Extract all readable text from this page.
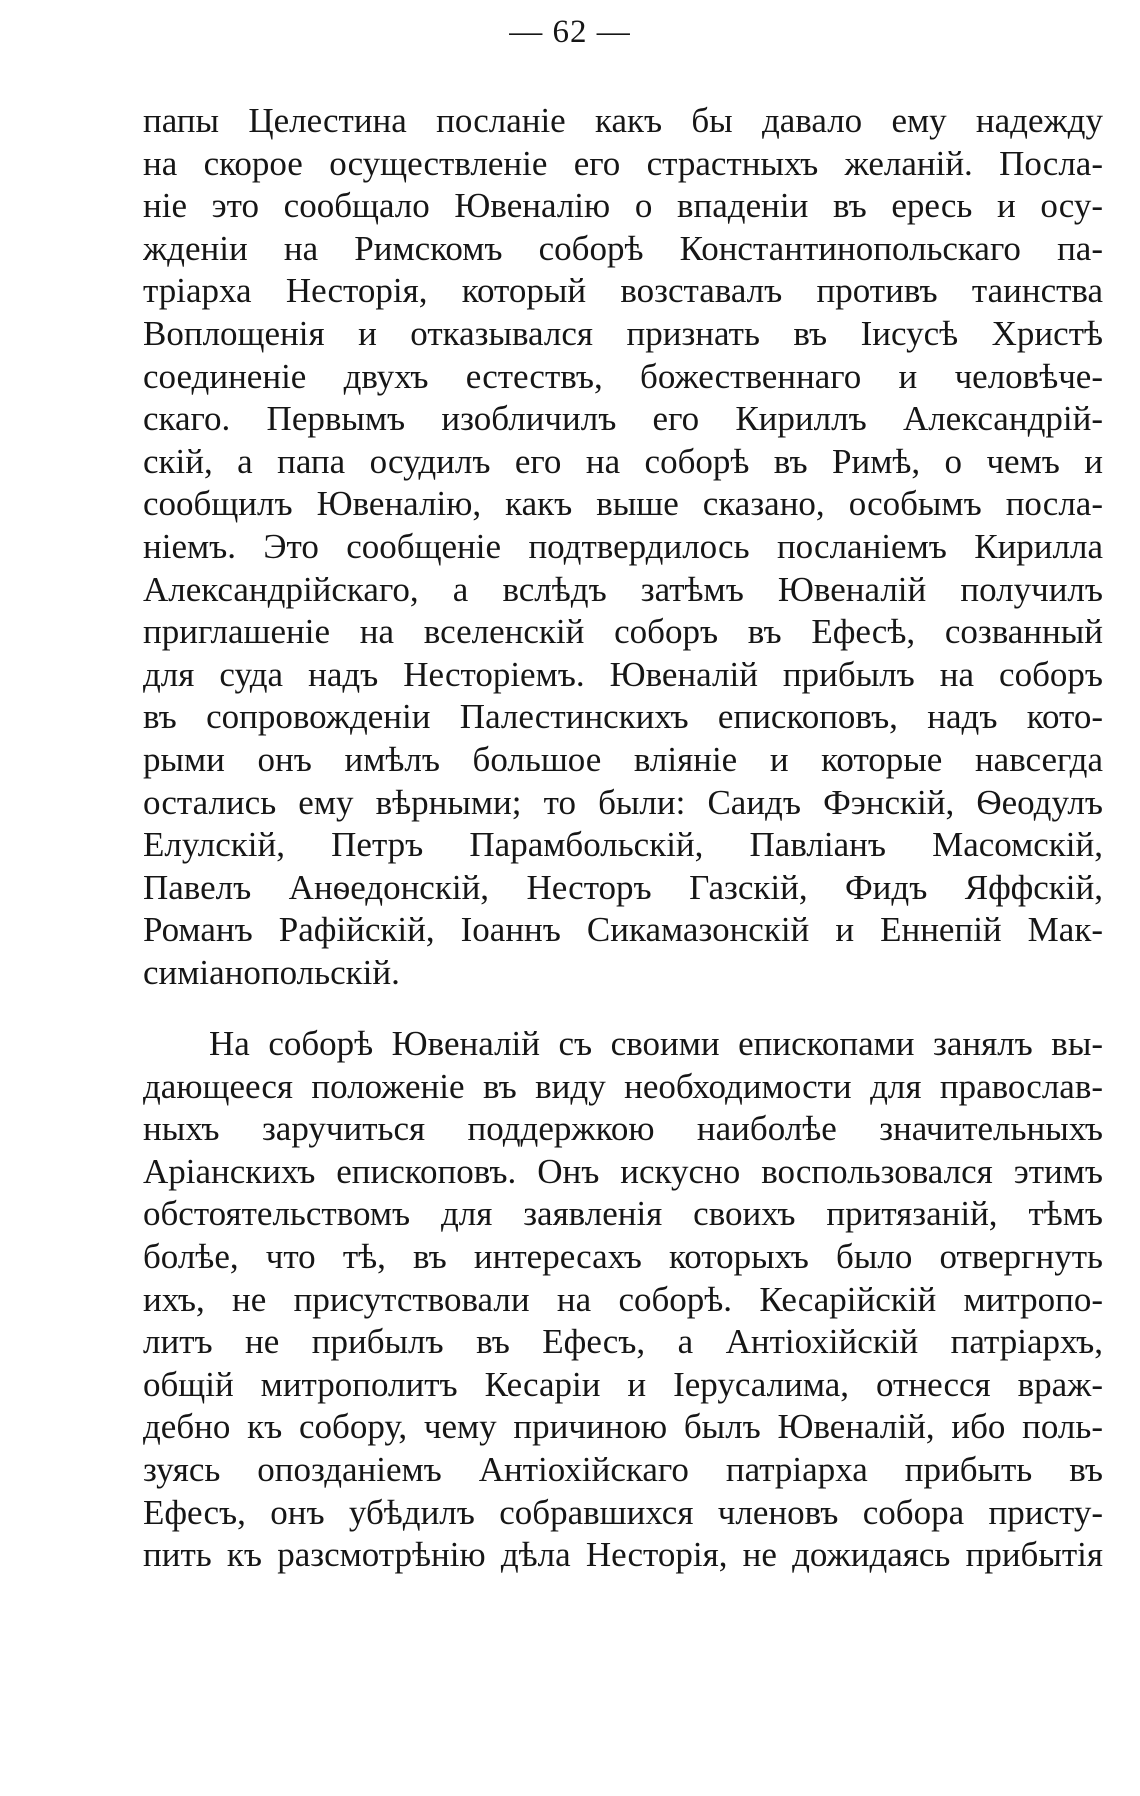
— 62 —
папы Целестина посланіе какъ бы давало ему надежду
на скорое осуществленіе его страстныхъ желаній. Посла-
ніе это сообщало Ювеналію о впаденіи въ ересь и осу-
жденіи на Римскомъ соборѣ Константинопольскаго па-
тріарха Несторія, который возставалъ противъ таинства
Воплощенія и отказывался признать въ Іисусѣ Христѣ
соединеніе двухъ естествъ, божественнаго и человѣче-
скаго. Первымъ изобличилъ его Кириллъ Александрій-
скій, а папа осудилъ его на соборѣ въ Римѣ, о чемъ и
сообщилъ Ювеналію, какъ выше сказано, особымъ посла-
ніемъ. Это сообщеніе подтвердилось посланіемъ Кирилла
Александрійскаго, а вслѣдъ затѣмъ Ювеналій получилъ
приглашеніе на вселенскій соборъ въ Ефесѣ, созванный
для суда надъ Несторіемъ. Ювеналій прибылъ на соборъ
въ сопровожденіи Палестинскихъ епископовъ, надъ кото-
рыми онъ имѣлъ большое вліяніе и которые навсегда
остались ему вѣрными; то были: Саидъ Фэнскій, Ѳеодулъ
Елулскій, Петръ Парамбольскій, Павліанъ Масомскій,
Павелъ Анѳедонскій, Несторъ Газскій, Фидъ Яффскій,
Романъ Рафійскій, Іоаннъ Сикамазонскій и Еннепій Мак-
симіанопольскій.
На соборѣ Ювеналій съ своими епископами занялъ вы-
дающееся положеніе въ виду необходимости для православ-
ныхъ заручиться поддержкою наиболѣе значительныхъ
Аріанскихъ епископовъ. Онъ искусно воспользовался этимъ
обстоятельствомъ для заявленія своихъ притязаній, тѣмъ
болѣе, что тѣ, въ интересахъ которыхъ было отвергнуть
ихъ, не присутствовали на соборѣ. Кесарійскій митропо-
литъ не прибылъ въ Ефесъ, а Антіохійскій патріархъ,
общій митрополитъ Кесаріи и Іерусалима, отнесся враж-
дебно къ собору, чему причиною былъ Ювеналій, ибо поль-
зуясь опозданіемъ Антіохійскаго патріарха прибыть въ
Ефесъ, онъ убѣдилъ собравшихся членовъ собора присту-
пить къ разсмотрѣнію дѣла Несторія, не дожидаясь прибытія
